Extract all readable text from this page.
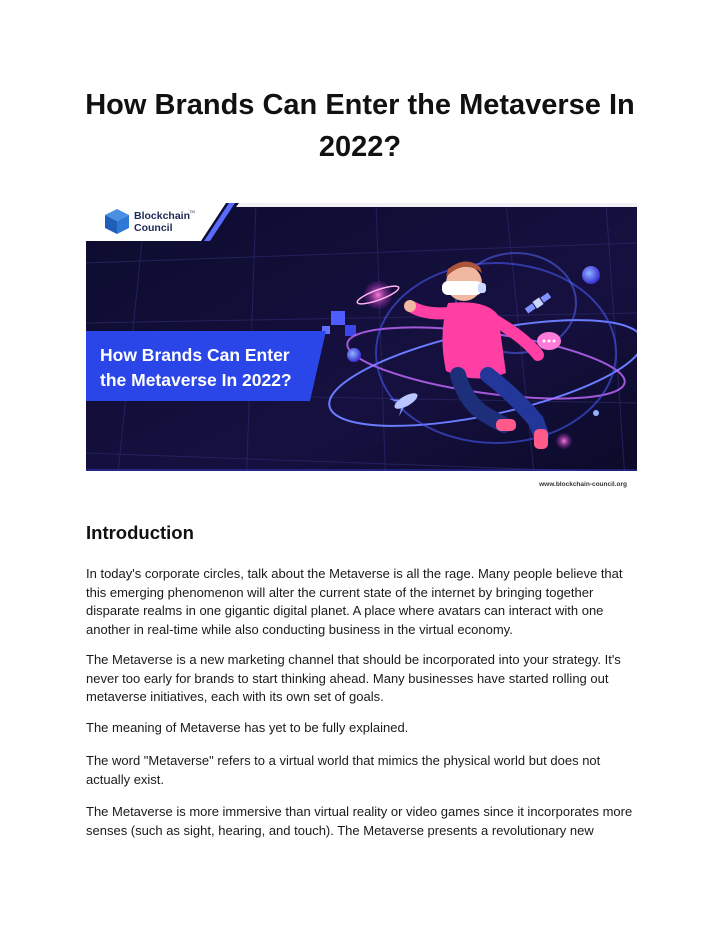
How Brands Can Enter the Metaverse In 2022?
Blockchain
Council
TM
How Brands Can Enter
the Metaverse In 2022?
www.blockchain-council.org
Introduction

In today's corporate circles, talk about the Metaverse is all the rage. Many people believe that this emerging phenomenon will alter the current state of the internet by bringing together disparate realms in one gigantic digital planet. A place where avatars can interact with one another in real-time while also conducting business in the virtual economy.

The Metaverse is a new marketing channel that should be incorporated into your strategy. It's never too early for brands to start thinking ahead. Many businesses have started rolling out metaverse initiatives, each with its own set of goals.

The meaning of Metaverse has yet to be fully explained.

The word "Metaverse" refers to a virtual world that mimics the physical world but does not actually exist.

The Metaverse is more immersive than virtual reality or video games since it incorporates more senses (such as sight, hearing, and touch). The Metaverse presents a revolutionary new
